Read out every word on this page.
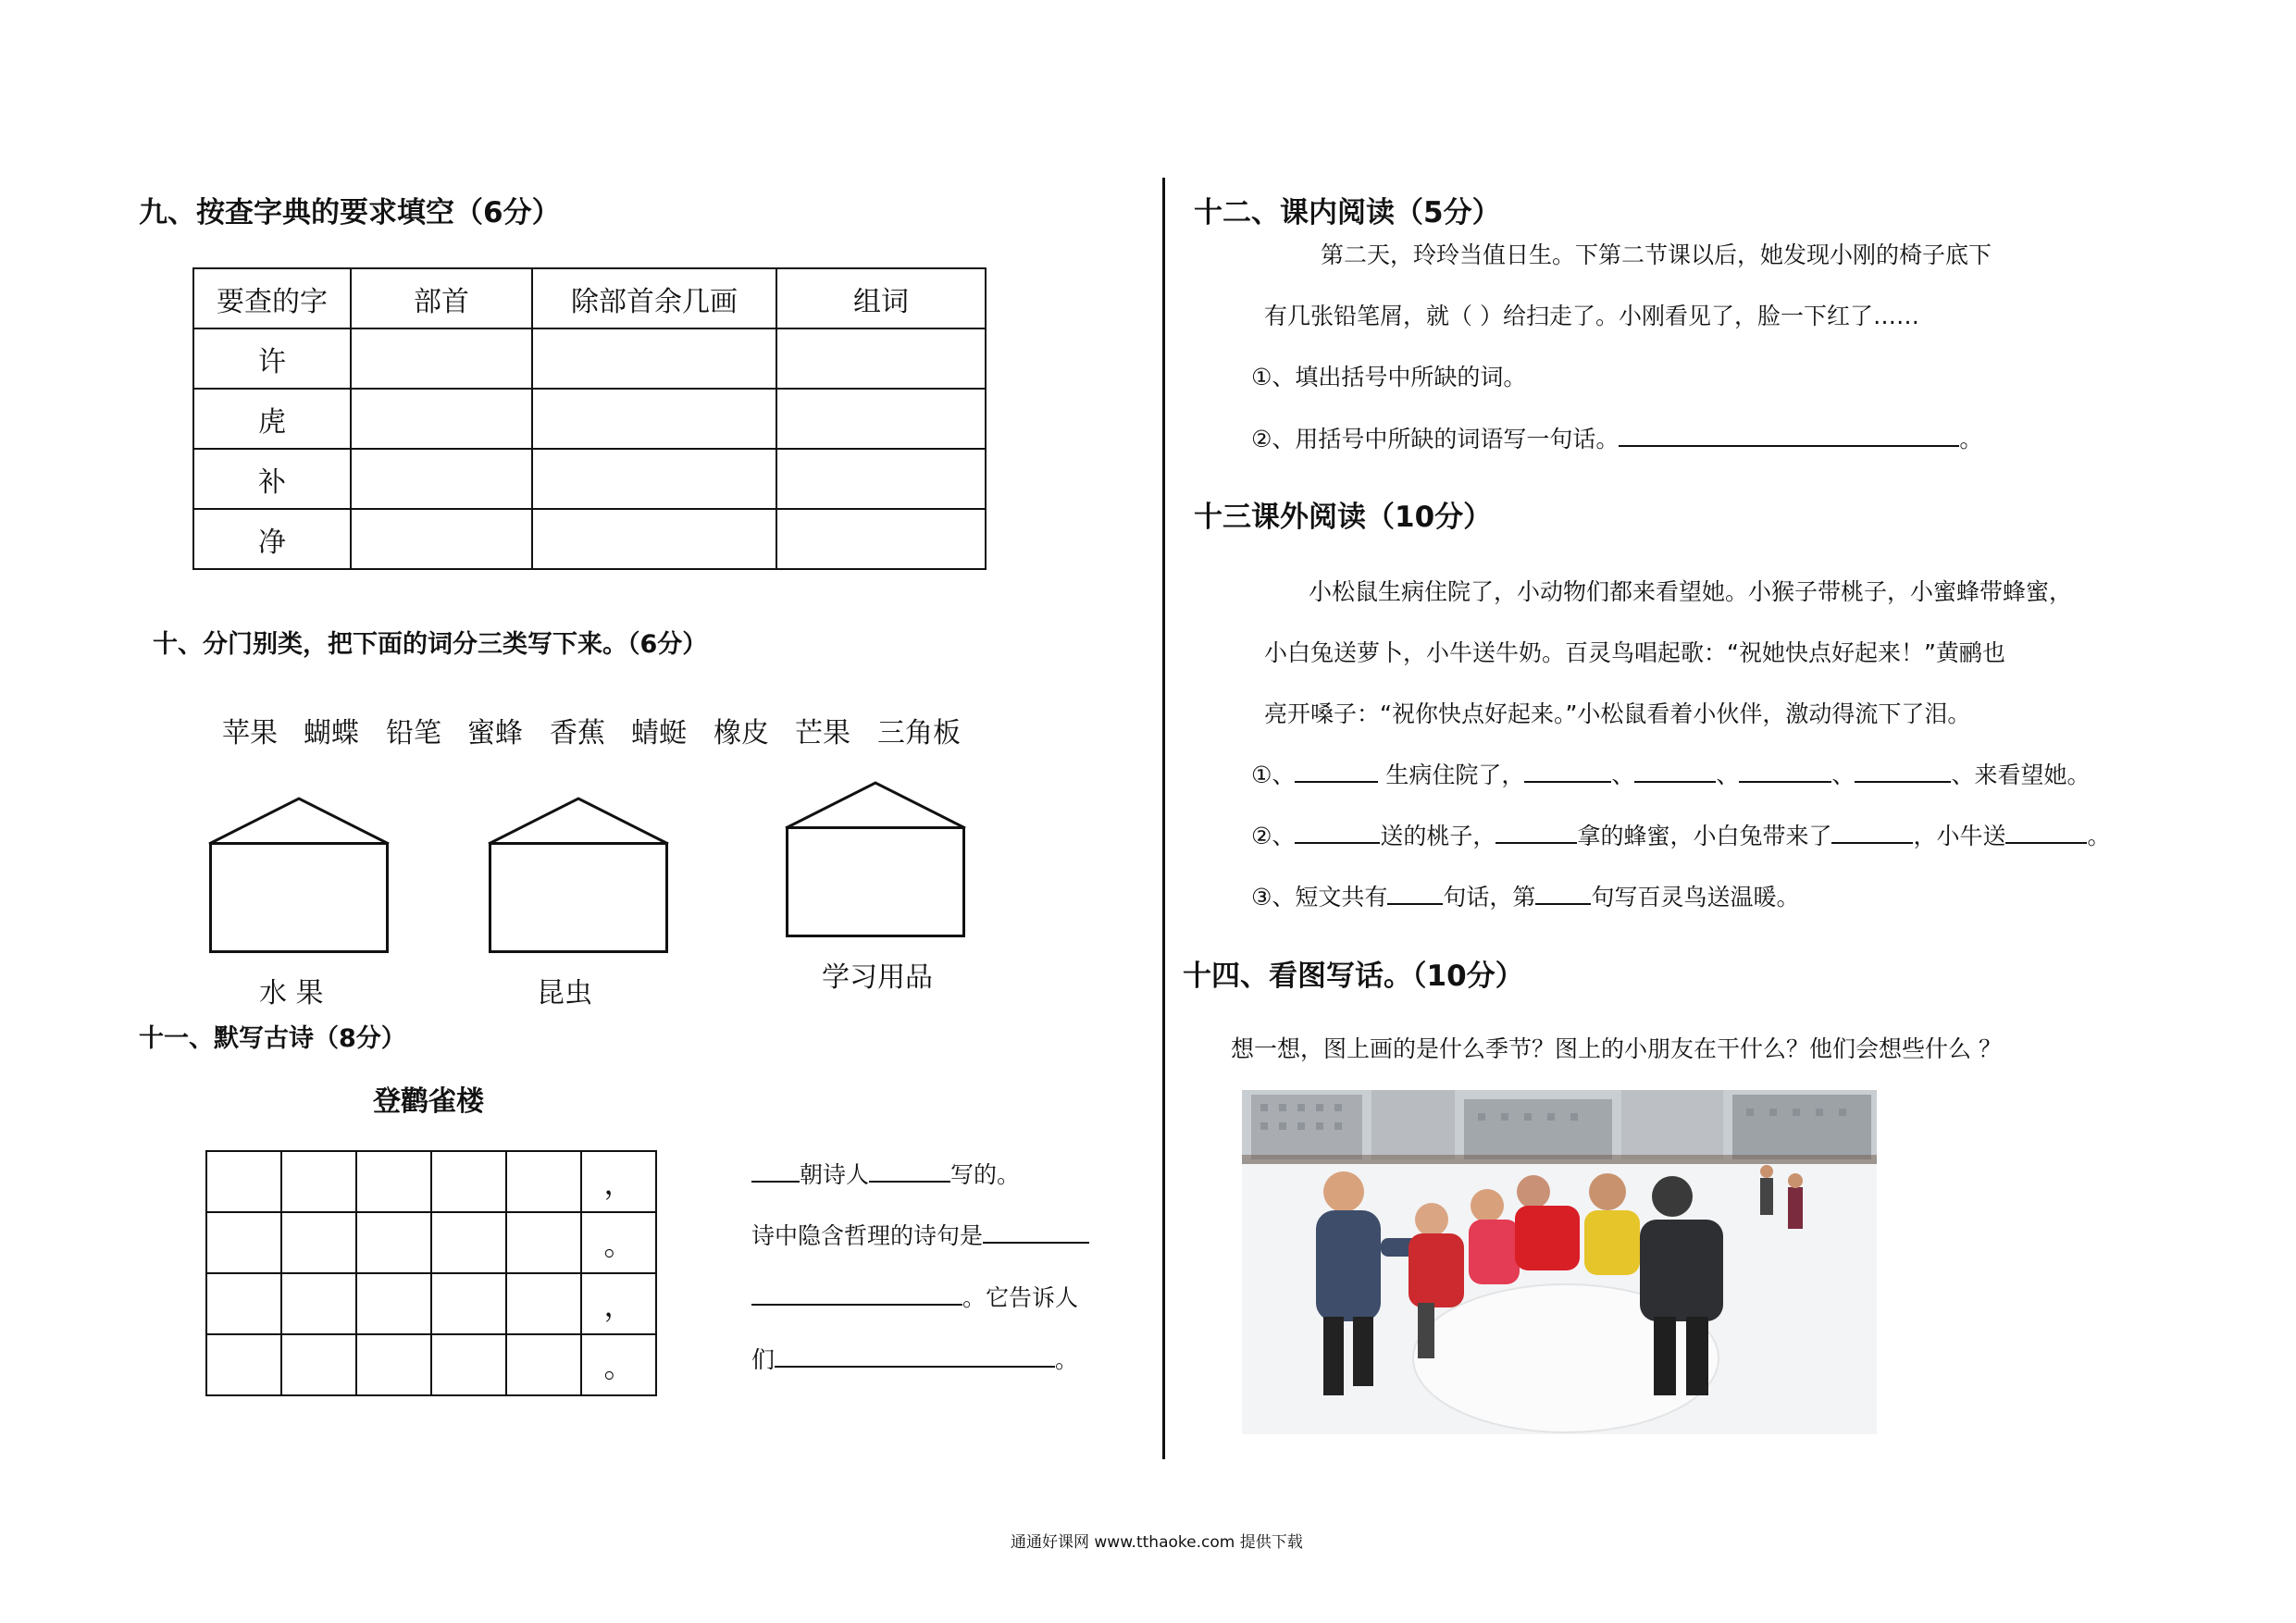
九、按查字典的要求填空（6分）
要查的字	部首	除部首余几画	组词
许			
虎			
补			
净			
十、分门别类，把下面的词分三类写下来。（6分）
苹果 蝴蝶 铅笔 蜜蜂 香蕉 蜻蜓 橡皮 芒果 三角板
水 果	昆虫	学习用品
十一、默写古诗（8分）
登鹳雀楼
					，
					。
					，
					。
朝诗人	写的。
诗中隐含哲理的诗句是
。它告诉人
们	。
十二、课内阅读（5分）
第二天，玲玲当值日生。下第二节课以后，她发现小刚的椅子底下
有几张铅笔屑，就（ ）给扫走了。小刚看见了，脸一下红了……
①、填出括号中所缺的词。
②、用括号中所缺的词语写一句话。	。
十三课外阅读（10分）
小松鼠生病住院了，小动物们都来看望她。小猴子带桃子，小蜜蜂带蜂蜜，
小白兔送萝卜，小牛送牛奶。百灵鸟唱起歌：“祝她快点好起来！”黄鹂也
亮开嗓子：“祝你快点好起来。”小松鼠看着小伙伴，激动得流下了泪。
①、	生病住院了，	、	、	、	、来看望她。
②、	送的桃子，	拿的蜂蜜，小白兔带来了	，小牛送	。
③、短文共有 句话，第 句写百灵鸟送温暖。
十四、看图写话。（10分）
想一想，图上画的是什么季节？图上的小朋友在干什么？他们会想些什么 ？
通通好课网 www.tthaoke.com 提供下载
